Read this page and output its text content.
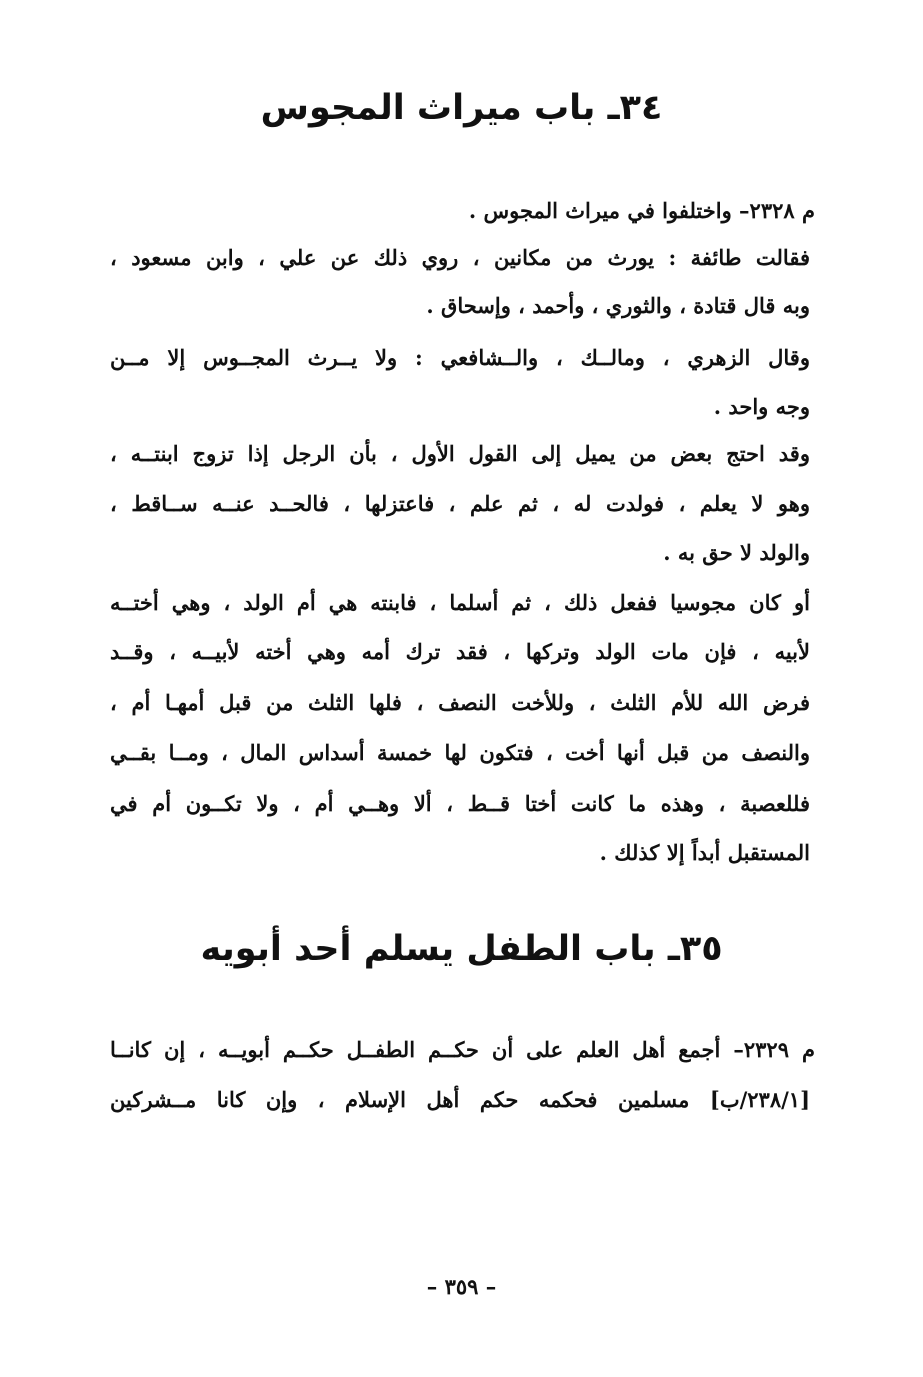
٣٤ـ باب ميراث المجوس
م ٢٣٢٨– واختلفوا في ميراث المجوس .
فقالت طائفة : يورث من مكانين ، روي ذلك عن علي ، وابن مسعود ،
وبه قال قتادة ، والثوري ، وأحمد ، وإسحاق .
وقال الزهري ، ومالــك ، والــشافعي : ولا يــرث المجــوس إلا مــن
وجه واحد .
وقد احتج بعض من يميل إلى القول الأول ، بأن الرجل إذا تزوج ابنتــه ،
وهو لا يعلم ، فولدت له ، ثم علم ، فاعتزلها ، فالحــد عنــه ســاقط ،
والولد لا حق به .
أو كان مجوسيا ففعل ذلك ، ثم أسلما ، فابنته هي أم الولد ، وهي أختــه
لأبيه ، فإن مات الولد وتركها ، فقد ترك أمه وهي أخته لأبيــه ، وقــد
فرض الله للأم الثلث ، وللأخت النصف ، فلها الثلث من قبل أمهـا أم ،
والنصف من قبل أنها أخت ، فتكون لها خمسة أسداس المال ، ومــا بقــي
فللعصبة ، وهذه ما كانت أختا قــط ، ألا وهــي أم ، ولا تكــون أم في
المستقبل أبداً إلا كذلك .
٣٥ـ باب الطفل يسلم أحد أبويه
م ٢٣٢٩– أجمع أهل العلم على أن حكــم الطفــل حكــم أبويــه ، إن كانــا
[٢٣٨/١/ب] مسلمين فحكمه حكم أهل الإسلام ، وإن كانا مــشركين
– ٣٥٩ –
